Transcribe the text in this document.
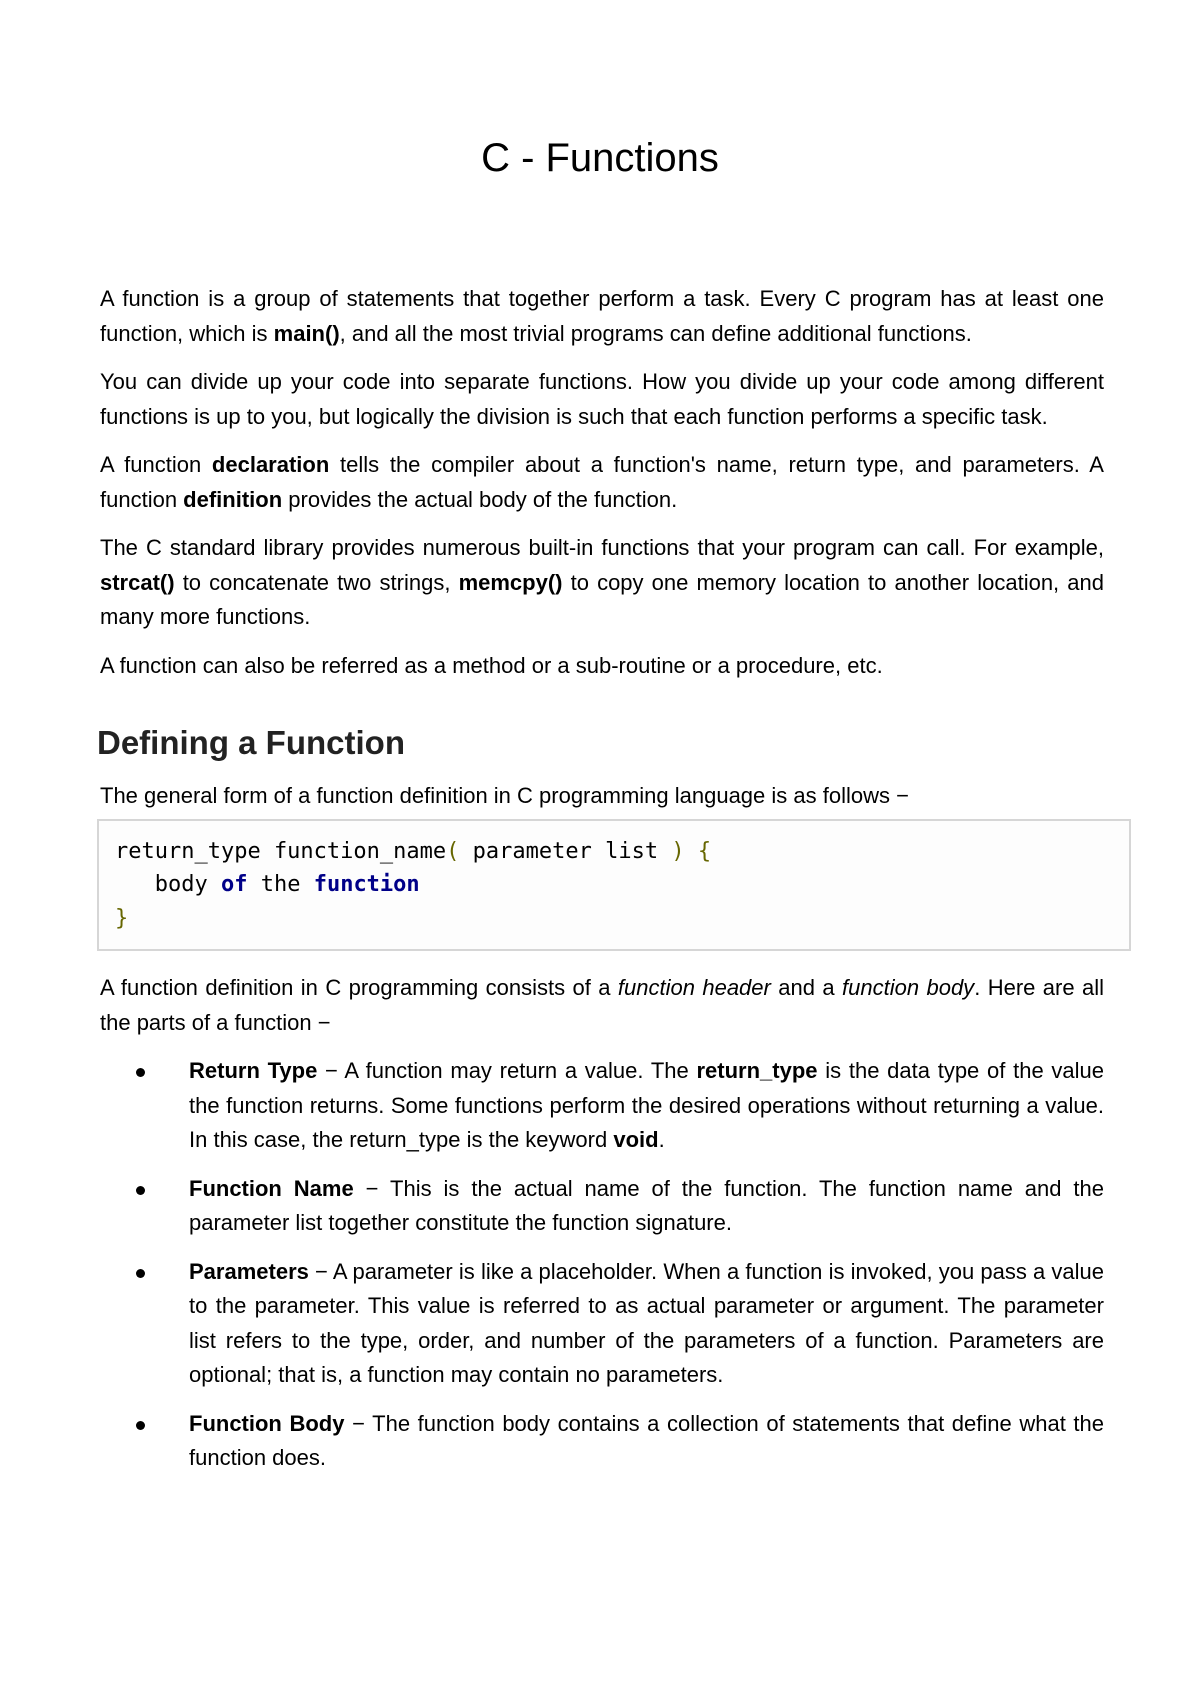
C - Functions

A function is a group of statements that together perform a task. Every C program has at least one function, which is main(), and all the most trivial programs can define additional functions.

You can divide up your code into separate functions. How you divide up your code among different functions is up to you, but logically the division is such that each function performs a specific task.

A function declaration tells the compiler about a function's name, return type, and parameters. A function definition provides the actual body of the function.

The C standard library provides numerous built-in functions that your program can call. For example, strcat() to concatenate two strings, memcpy() to copy one memory location to another location, and many more functions.

A function can also be referred as a method or a sub-routine or a procedure, etc.

Defining a Function

The general form of a function definition in C programming language is as follows −

return_type function_name( parameter list ) {
body of the function
}

A function definition in C programming consists of a function header and a function body. Here are all the parts of a function −

Return Type − A function may return a value. The return_type is the data type of the value the function returns. Some functions perform the desired operations without returning a value. In this case, the return_type is the keyword void.
Function Name − This is the actual name of the function. The function name and the parameter list together constitute the function signature.
Parameters − A parameter is like a placeholder. When a function is invoked, you pass a value to the parameter. This value is referred to as actual parameter or argument. The parameter list refers to the type, order, and number of the parameters of a function. Parameters are optional; that is, a function may contain no parameters.
Function Body − The function body contains a collection of statements that define what the function does.
